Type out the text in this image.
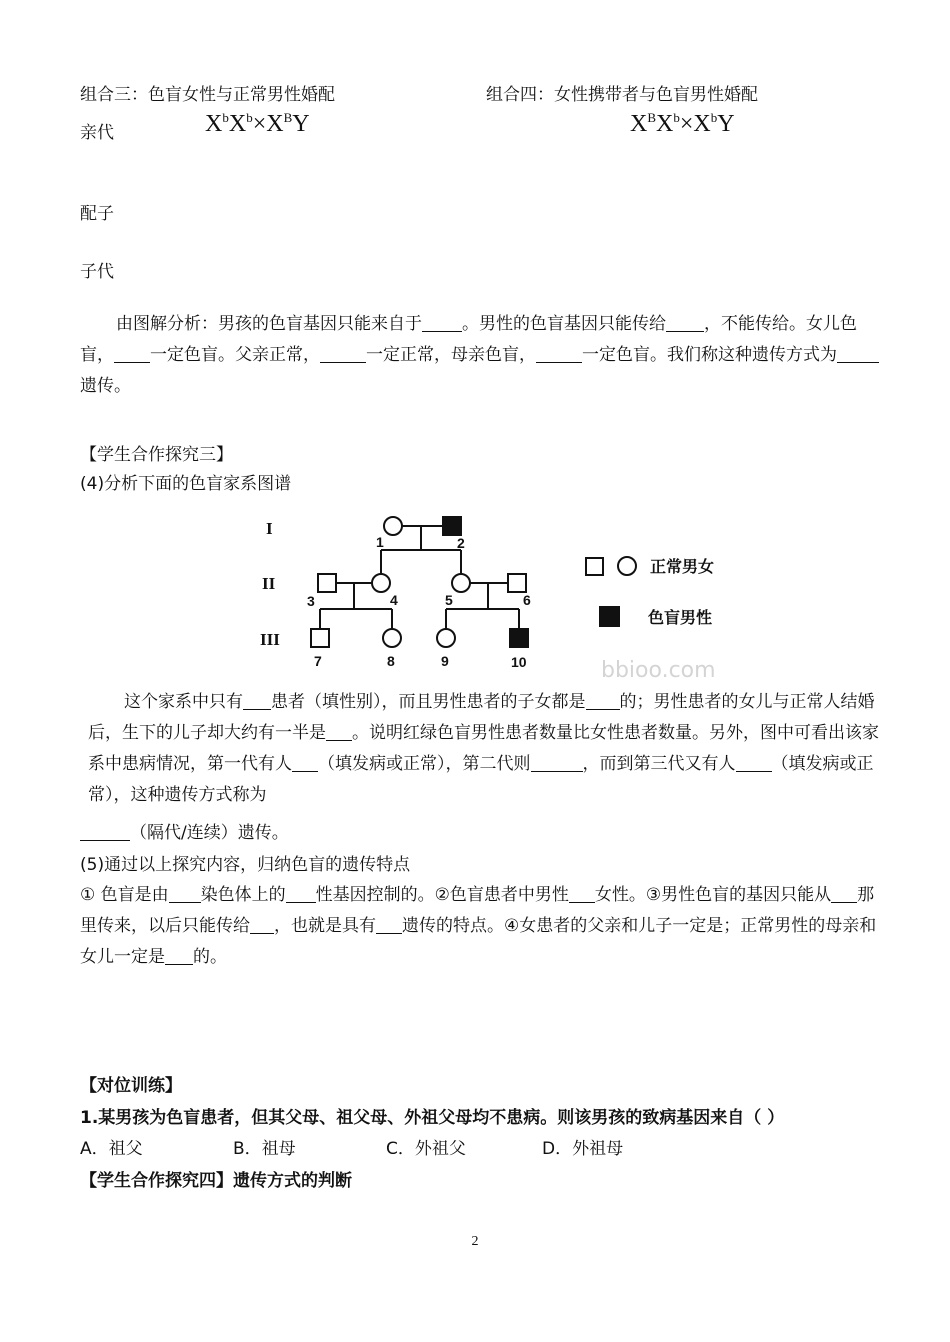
组合三：色盲女性与正常男性婚配	组合四：女性携带者与色盲男性婚配
亲代	$X^bX^b\times X^BY$	$X^BX^b\times X^bY$
配子
子代
由图解分析：男孩的色盲基因只能来自于 。男性的色盲基因只能传给 ，不能传给。女儿色盲， 一定色盲。父亲正常，	一定正常，母亲色盲，	一定色盲。我们称这种遗传方式为遗传。
【学生合作探究三】
(4)分析下面的色盲家系图谱
I
II
III
1	2
3	4	5	6
7	8	9	10
正常男女
色盲男性
bbioo.com
这个家系中只有 患者（填性别），而且男性患者的子女都是 的；男性患者的女儿与正常人结婚后，生下的儿子却大约有一半是 。说明红绿色盲男性患者数量比女性患者数量。另外，图中可看出该家系中患病情况，第一代有人 （填发病或正常），第二代则	，而到第三代又有人 （填发病或正常），这种遗传方式称为
（隔代/连续）遗传。
(5)通过以上探究内容，归纳色盲的遗传特点
① 色盲是由 染色体上的 性基因控制的。②色盲患者中男性 女性。③男性色盲的基因只能从 那里传来，以后只能传给 ，也就是具有 遗传的特点。④女患者的父亲和儿子一定是；正常男性的母亲和女儿一定是 的。
【对位训练】
1.某男孩为色盲患者，但其父母、祖父母、外祖父母均不患病。则该男孩的致病基因来自（ ）
A．祖父	B．祖母	C．外祖父	D．外祖母
【学生合作探究四】遗传方式的判断
2
